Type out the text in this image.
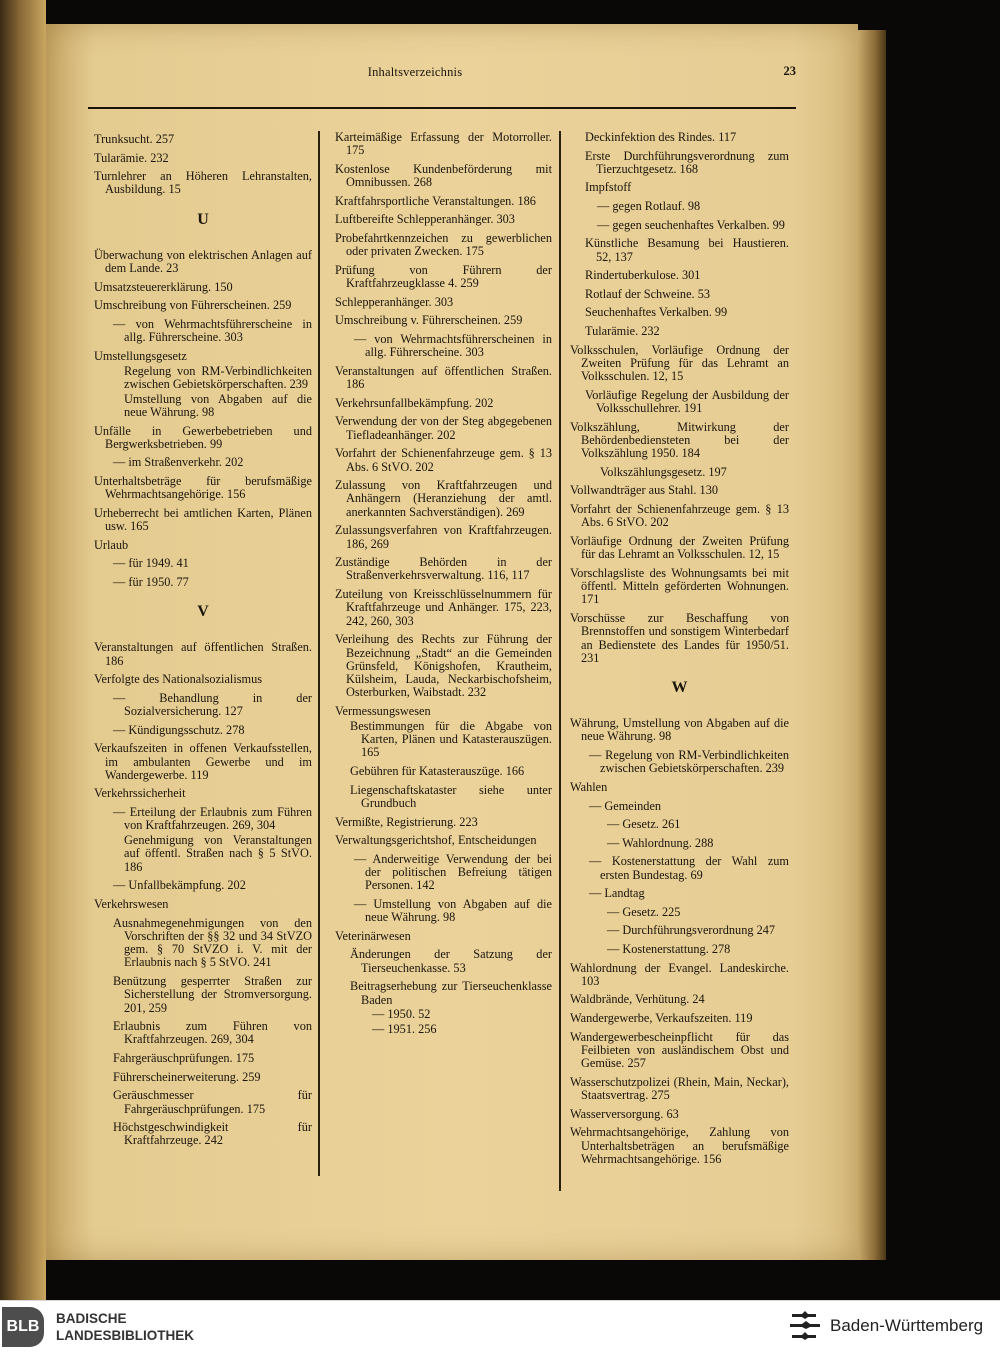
Inhaltsverzeichnis	23

Trunksucht. 257

Tularämie. 232

Turnlehrer an Höheren Lehranstalten, Ausbildung. 15

U

Überwachung von elektrischen Anlagen auf dem Lande. 23

Umsatzsteuererklärung. 150

Umschreibung von Führerscheinen. 259

— von Wehrmachtsführerscheine in allg. Führerscheine. 303

Umstellungsgesetz

Regelung von RM-Verbindlichkeiten zwischen Gebietskörperschaften. 239

Umstellung von Abgaben auf die neue Währung. 98

Unfälle in Gewerbebetrieben und Bergwerksbetrieben. 99

— im Straßenverkehr. 202

Unterhaltsbeträge für berufsmäßige Wehrmachtsangehörige. 156

Urheberrecht bei amtlichen Karten, Plänen usw. 165

Urlaub

— für 1949. 41

— für 1950. 77

V

Veranstaltungen auf öffentlichen Straßen. 186

Verfolgte des Nationalsozialismus

— Behandlung in der Sozialversicherung. 127

— Kündigungsschutz. 278

Verkaufszeiten in offenen Verkaufsstellen, im ambulanten Gewerbe und im Wandergewerbe. 119

Verkehrssicherheit

— Erteilung der Erlaubnis zum Führen von Kraftfahrzeugen. 269, 304

Genehmigung von Veranstaltungen auf öffentl. Straßen nach § 5 StVO. 186

— Unfallbekämpfung. 202

Verkehrswesen

Ausnahmegenehmigungen von den Vorschriften der §§ 32 und 34 StVZO gem. § 70 StVZO i. V. mit der Erlaubnis nach § 5 StVO. 241

Benützung gesperrter Straßen zur Sicherstellung der Stromversorgung. 201, 259

Erlaubnis zum Führen von Kraftfahrzeugen. 269, 304

Fahrgeräuschprüfungen. 175

Führerscheinerweiterung. 259

Geräuschmesser für Fahrgeräuschprüfungen. 175

Höchstgeschwindigkeit für Kraftfahrzeuge. 242

Karteimäßige Erfassung der Motorroller. 175

Kostenlose Kundenbeförderung mit Omnibussen. 268

Kraftfahrsportliche Veranstaltungen. 186

Luftbereifte Schlepperanhänger. 303

Probefahrtkennzeichen zu gewerblichen oder privaten Zwecken. 175

Prüfung von Führern der Kraftfahrzeugklasse 4. 259

Schlepperanhänger. 303

Umschreibung v. Führerscheinen. 259

— von Wehrmachtsführerscheinen in allg. Führerscheine. 303

Veranstaltungen auf öffentlichen Straßen. 186

Verkehrsunfallbekämpfung. 202

Verwendung der von der Steg abgegebenen Tiefladeanhänger. 202

Vorfahrt der Schienenfahrzeuge gem. § 13 Abs. 6 StVO. 202

Zulassung von Kraftfahrzeugen und Anhängern (Heranziehung der amtl. anerkannten Sachverständigen). 269

Zulassungsverfahren von Kraftfahrzeugen. 186, 269

Zuständige Behörden in der Straßenverkehrsverwaltung. 116, 117

Zuteilung von Kreisschlüsselnummern für Kraftfahrzeuge und Anhänger. 175, 223, 242, 260, 303

Verleihung des Rechts zur Führung der Bezeichnung „Stadt“ an die Gemeinden Grünsfeld, Königshofen, Krautheim, Külsheim, Lauda, Neckarbischofsheim, Osterburken, Waibstadt. 232

Vermessungswesen

Bestimmungen für die Abgabe von Karten, Plänen und Katasterauszügen. 165

Gebühren für Katasterauszüge. 166

Liegenschaftskataster siehe unter Grundbuch

Vermißte, Registrierung. 223

Verwaltungsgerichtshof, Entscheidungen

— Anderweitige Verwendung der bei der politischen Befreiung tätigen Personen. 142

— Umstellung von Abgaben auf die neue Währung. 98

Veterinärwesen

Änderungen der Satzung der Tierseuchenkasse. 53

Beitragserhebung zur Tierseuchenklasse Baden

— 1950. 52

— 1951. 256

Deckinfektion des Rindes. 117

Erste Durchführungsverordnung zum Tierzuchtgesetz. 168

Impfstoff

— gegen Rotlauf. 98

— gegen seuchenhaftes Verkalben. 99

Künstliche Besamung bei Haustieren. 52, 137

Rindertuberkulose. 301

Rotlauf der Schweine. 53

Seuchenhaftes Verkalben. 99

Tularämie. 232

Volksschulen, Vorläufige Ordnung der Zweiten Prüfung für das Lehramt an Volksschulen. 12, 15

Vorläufige Regelung der Ausbildung der Volksschullehrer. 191

Volkszählung, Mitwirkung der Behördenbediensteten bei der Volkszählung 1950. 184

Volkszählungsgesetz. 197

Vollwandträger aus Stahl. 130

Vorfahrt der Schienenfahrzeuge gem. § 13 Abs. 6 StVO. 202

Vorläufige Ordnung der Zweiten Prüfung für das Lehramt an Volksschulen. 12, 15

Vorschlagsliste des Wohnungsamts bei mit öffentl. Mitteln geförderten Wohnungen. 171

Vorschüsse zur Beschaffung von Brennstoffen und sonstigem Winterbedarf an Bedienstete des Landes für 1950/51. 231

W

Währung, Umstellung von Abgaben auf die neue Währung. 98

— Regelung von RM-Verbindlichkeiten zwischen Gebietskörperschaften. 239

Wahlen

— Gemeinden

— Gesetz. 261

— Wahlordnung. 288

— Kostenerstattung der Wahl zum ersten Bundestag. 69

— Landtag

— Gesetz. 225

— Durchführungsverordnung 247

— Kostenerstattung. 278

Wahlordnung der Evangel. Landeskirche. 103

Waldbrände, Verhütung. 24

Wandergewerbe, Verkaufszeiten. 119

Wandergewerbescheinpflicht für das Feilbieten von ausländischem Obst und Gemüse. 257

Wasserschutzpolizei (Rhein, Main, Neckar), Staatsvertrag. 275

Wasserversorgung. 63

Wehrmachtsangehörige, Zahlung von Unterhaltsbeträgen an berufsmäßige Wehrmachtsangehörige. 156

BLB	BADISCHE
LANDESBIBLIOTHEK
Baden-Württemberg
